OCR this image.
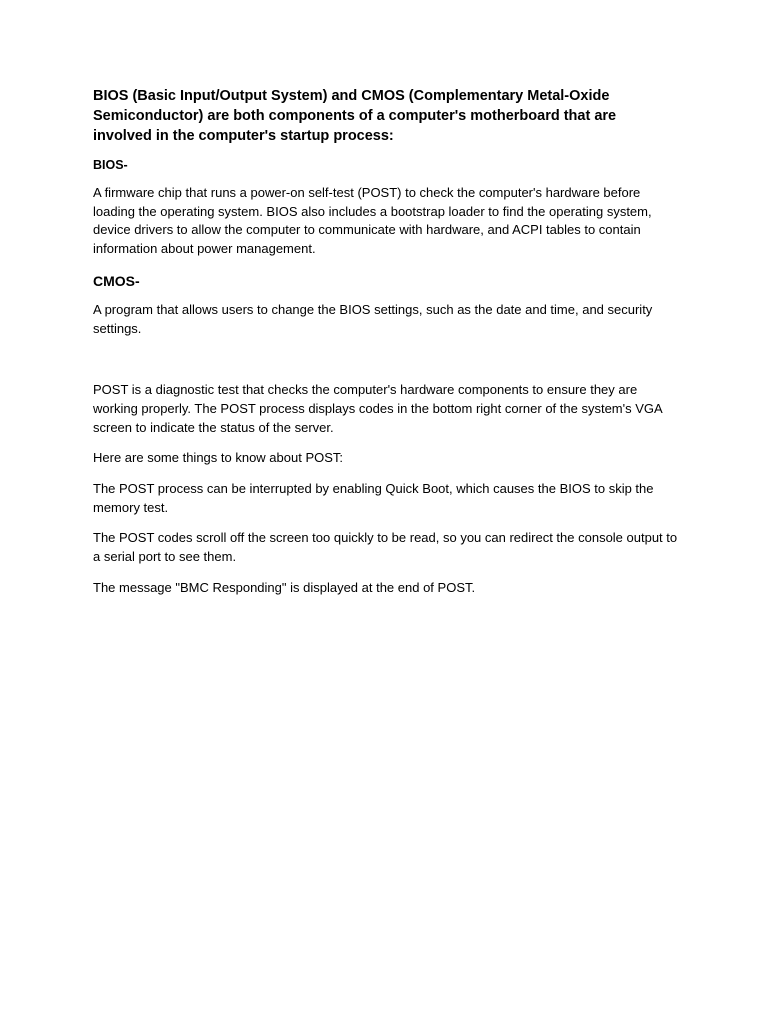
BIOS (Basic Input/Output System) and CMOS (Complementary Metal-Oxide Semiconductor) are both components of a computer's motherboard that are involved in the computer's startup process:

BIOS-

A firmware chip that runs a power-on self-test (POST) to check the computer's hardware before loading the operating system. BIOS also includes a bootstrap loader to find the operating system, device drivers to allow the computer to communicate with hardware, and ACPI tables to contain information about power management.

CMOS-

A program that allows users to change the BIOS settings, such as the date and time, and security settings.

POST is a diagnostic test that checks the computer's hardware components to ensure they are working properly. The POST process displays codes in the bottom right corner of the system's VGA screen to indicate the status of the server.

Here are some things to know about POST:

The POST process can be interrupted by enabling Quick Boot, which causes the BIOS to skip the memory test.

The POST codes scroll off the screen too quickly to be read, so you can redirect the console output to a serial port to see them.

The message "BMC Responding" is displayed at the end of POST.
